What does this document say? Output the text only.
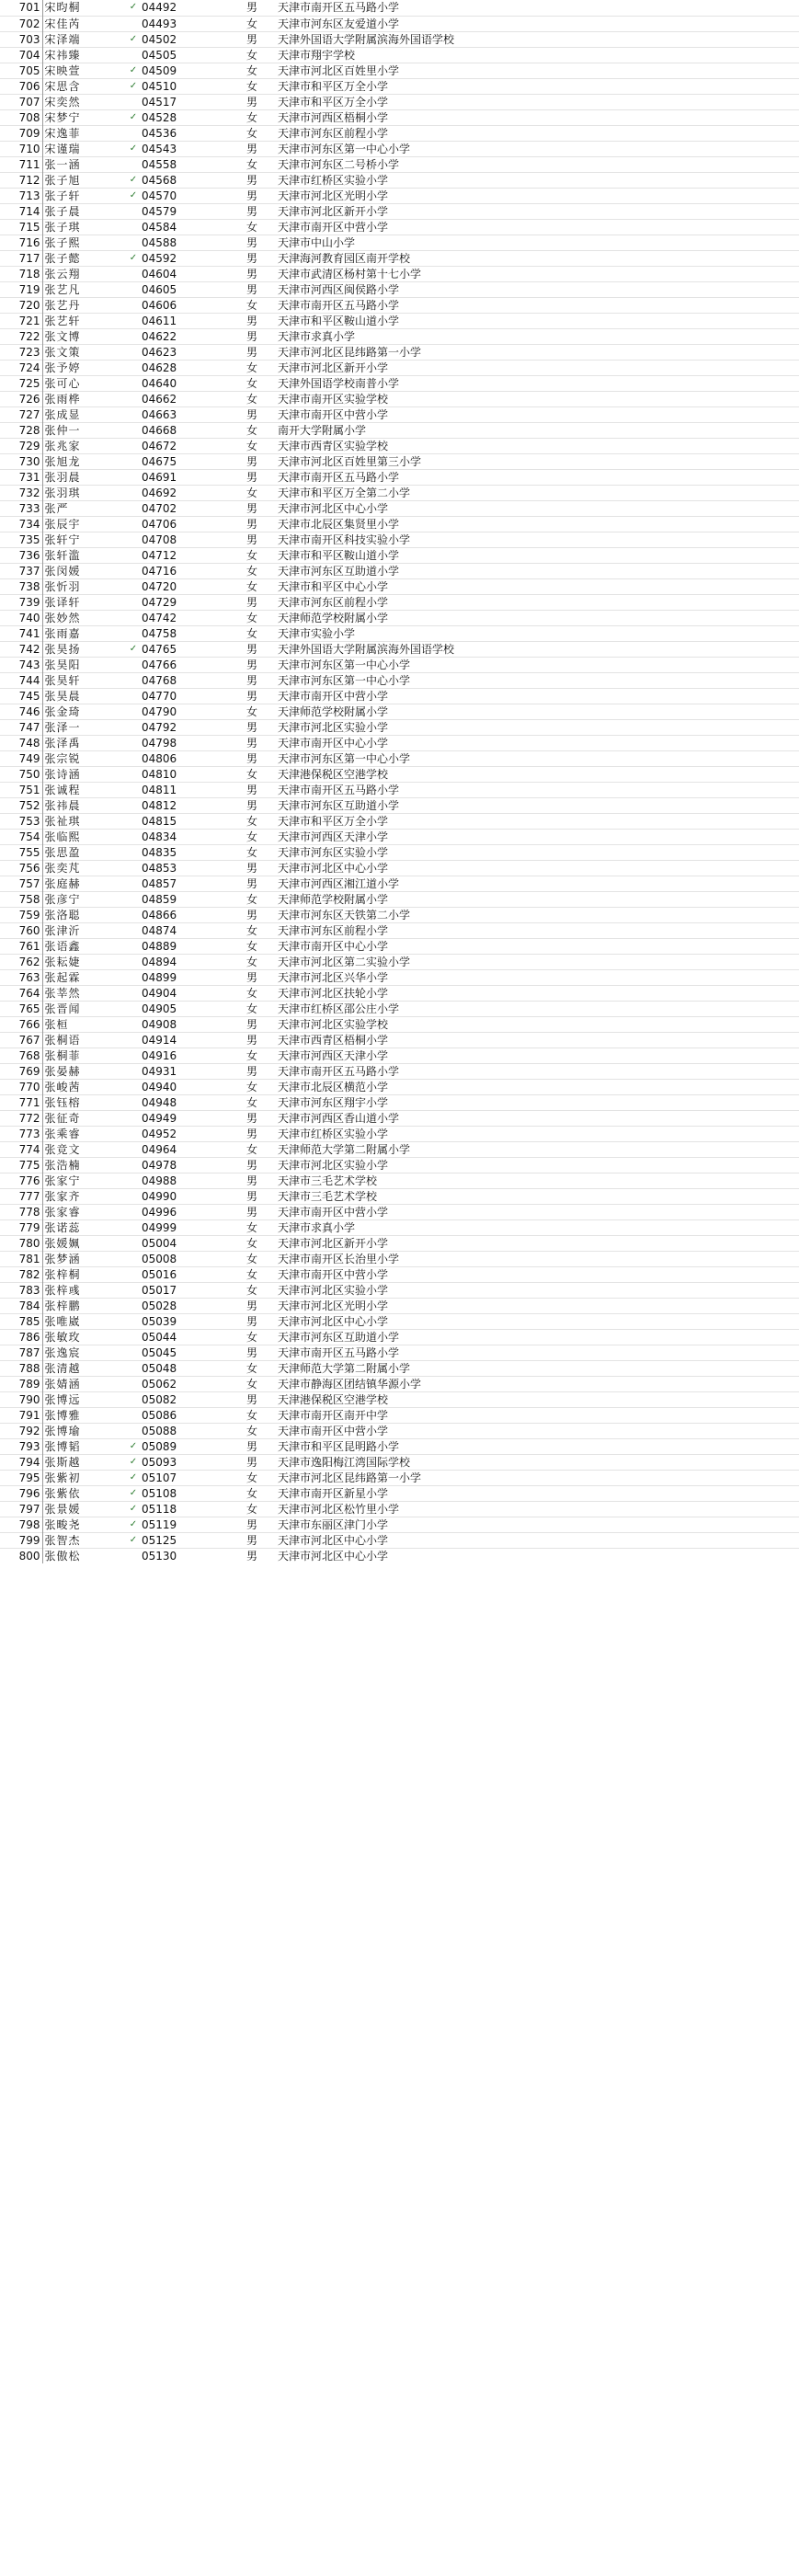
701	宋昀桐	✓	04492		男	天津市南开区五马路小学
702	宋佳芮		04493		女	天津市河东区友爱道小学
703	宋泽端	✓	04502		男	天津外国语大学附属滨海外国语学校
704	宋祎臻		04505		女	天津市翔宇学校
705	宋映萱	✓	04509		女	天津市河北区百姓里小学
706	宋思含	✓	04510		女	天津市和平区万全小学
707	宋奕然		04517		男	天津市和平区万全小学
708	宋梦宁	✓	04528		女	天津市河西区梧桐小学
709	宋逸菲		04536		女	天津市河东区前程小学
710	宋谨瑞	✓	04543		男	天津市河东区第一中心小学
711	张一涵		04558		女	天津市河东区二号桥小学
712	张子旭	✓	04568		男	天津市红桥区实验小学
713	张子轩	✓	04570		男	天津市河北区光明小学
714	张子晨		04579		男	天津市河北区新开小学
715	张子琪		04584		女	天津市南开区中营小学
716	张子熙		04588		男	天津市中山小学
717	张子懿	✓	04592		男	天津海河教育园区南开学校
718	张云翔		04604		男	天津市武清区杨村第十七小学
719	张艺凡		04605		男	天津市河西区闽侯路小学
720	张艺丹		04606		女	天津市南开区五马路小学
721	张艺轩		04611		男	天津市和平区鞍山道小学
722	张文博		04622		男	天津市求真小学
723	张文策		04623		男	天津市河北区昆纬路第一小学
724	张予婷		04628		女	天津市河北区新开小学
725	张可心		04640		女	天津外国语学校南普小学
726	张雨桦		04662		女	天津市南开区实验学校
727	张成显		04663		男	天津市南开区中营小学
728	张仲一		04668		女	南开大学附属小学
729	张兆家		04672		女	天津市西青区实验学校
730	张旭龙		04675		男	天津市河北区百姓里第三小学
731	张羽晨		04691		男	天津市南开区五马路小学
732	张羽琪		04692		女	天津市和平区万全第二小学
733	张严		04702		男	天津市河北区中心小学
734	张辰宇		04706		男	天津市北辰区集贤里小学
735	张轩宁		04708		男	天津市南开区科技实验小学
736	张轩滥		04712		女	天津市和平区鞍山道小学
737	张闵媛		04716		女	天津市河东区互助道小学
738	张忻羽		04720		女	天津市和平区中心小学
739	张译轩		04729		男	天津市河东区前程小学
740	张妙然		04742		女	天津师范学校附属小学
741	张雨嘉		04758		女	天津市实验小学
742	张昊扬	✓	04765		男	天津外国语大学附属滨海外国语学校
743	张昊阳		04766		男	天津市河东区第一中心小学
744	张昊轩		04768		男	天津市河东区第一中心小学
745	张昊晨		04770		男	天津市南开区中营小学
746	张金琦		04790		女	天津师范学校附属小学
747	张泽一		04792		男	天津市河北区实验小学
748	张泽禹		04798		男	天津市南开区中心小学
749	张宗锐		04806		男	天津市河东区第一中心小学
750	张诗涵		04810		女	天津港保税区空港学校
751	张诚程		04811		男	天津市南开区五马路小学
752	张祎晨		04812		男	天津市河东区互助道小学
753	张祉琪		04815		女	天津市和平区万全小学
754	张临熙		04834		女	天津市河西区天津小学
755	张思盈		04835		女	天津市河东区实验小学
756	张奕芃		04853		男	天津市河北区中心小学
757	张庭赫		04857		男	天津市河西区湘江道小学
758	张彦宁		04859		女	天津师范学校附属小学
759	张洛聪		04866		男	天津市河东区天铁第二小学
760	张津沂		04874		女	天津市河东区前程小学
761	张语鑫		04889		女	天津市南开区中心小学
762	张耘婕		04894		女	天津市河北区第二实验小学
763	张起霖		04899		男	天津市河北区兴华小学
764	张莘然		04904		女	天津市河北区扶轮小学
765	张晋闻		04905		女	天津市红桥区邵公庄小学
766	张桓		04908		男	天津市河北区实验学校
767	张桐语		04914		男	天津市西青区梧桐小学
768	张桐菲		04916		女	天津市河西区天津小学
769	张晏赫		04931		男	天津市南开区五马路小学
770	张峻茜		04940		女	天津市北辰区横范小学
771	张钰榕		04948		女	天津市河东区翔宇小学
772	张征奇		04949		男	天津市河西区香山道小学
773	张乘睿		04952		男	天津市红桥区实验小学
774	张竞文		04964		女	天津师范大学第二附属小学
775	张浩楠		04978		男	天津市河北区实验小学
776	张家宁		04988		男	天津市三毛艺术学校
777	张家齐		04990		男	天津市三毛艺术学校
778	张家睿		04996		男	天津市南开区中营小学
779	张诺蕊		04999		女	天津市求真小学
780	张媛姵		05004		女	天津市河北区新开小学
781	张梦涵		05008		女	天津市南开区长治里小学
782	张梓桐		05016		女	天津市南开区中营小学
783	张梓彧		05017		女	天津市河北区实验小学
784	张梓鹏		05028		男	天津市河北区光明小学
785	张唯崴		05039		男	天津市河北区中心小学
786	张敏玫		05044		女	天津市河东区互助道小学
787	张逸宸		05045		男	天津市南开区五马路小学
788	张清越		05048		女	天津师范大学第二附属小学
789	张婧涵		05062		女	天津市静海区团结镇华源小学
790	张博远		05082		男	天津港保税区空港学校
791	张博雅		05086		女	天津市南开区南开中学
792	张博瑜		05088		女	天津市南开区中营小学
793	张博韬	✓	05089		男	天津市和平区昆明路小学
794	张斯越	✓	05093		男	天津市逸阳梅江湾国际学校
795	张紫初	✓	05107		女	天津市河北区昆纬路第一小学
796	张紫依	✓	05108		女	天津市南开区新星小学
797	张景媛	✓	05118		女	天津市河北区松竹里小学
798	张畯尧	✓	05119		男	天津市东丽区津门小学
799	张智杰	✓	05125		男	天津市河北区中心小学
800	张傲松		05130		男	天津市河北区中心小学
